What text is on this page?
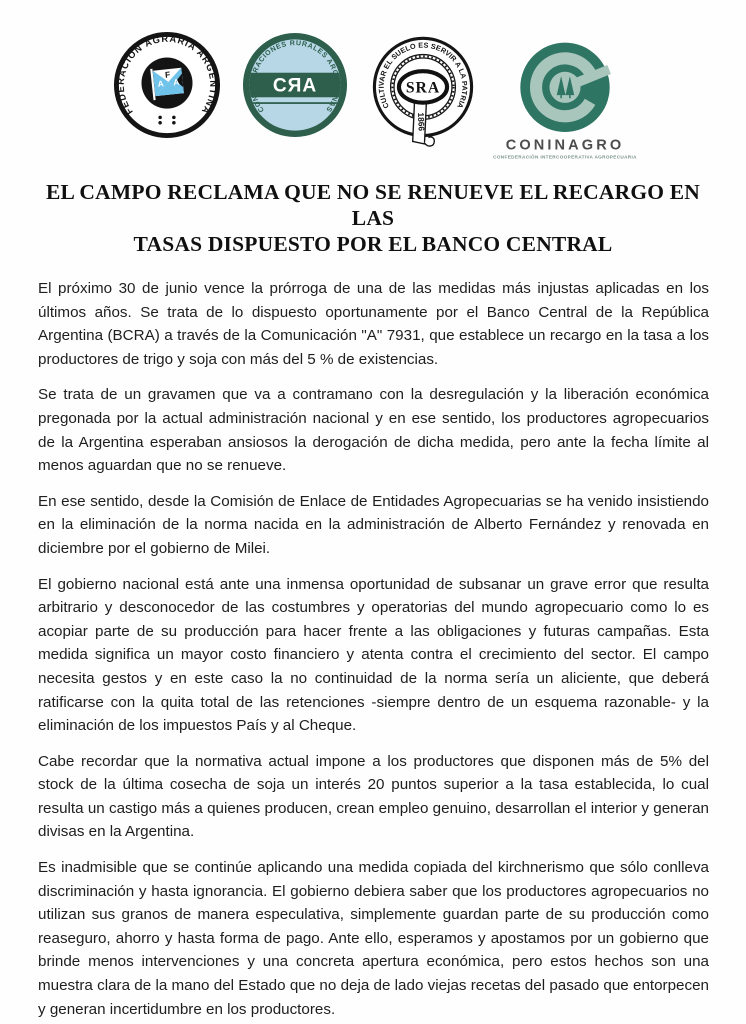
FEDERACION AGRARIA ARGENTINA
F
A A
CONFEDERACIONES RURALES ARGENTINAS
CЯA
CULTIVAR EL SUELO ES SERVIR A LA PATRIA
1866
SRA
CONINAGRO
CONFEDERACIÓN INTERCOOPERATIVA AGROPECUARIA
EL CAMPO RECLAMA QUE NO SE RENUEVE EL RECARGO EN LAS
TASAS DISPUESTO POR EL BANCO CENTRAL

El próximo 30 de junio vence la prórroga de una de las medidas más injustas aplicadas en los últimos años. Se trata de lo dispuesto oportunamente por el Banco Central de la República Argentina (BCRA) a través de la Comunicación "A" 7931, que establece un recargo en la tasa a los productores de trigo y soja con más del 5 % de existencias.

Se trata de un gravamen que va a contramano con la desregulación y la liberación económica pregonada por la actual administración nacional y en ese sentido, los productores agropecuarios de la Argentina esperaban ansiosos la derogación de dicha medida, pero ante la fecha límite al menos aguardan que no se renueve.

En ese sentido, desde la Comisión de Enlace de Entidades Agropecuarias se ha venido insistiendo en la eliminación de la norma nacida en la administración de Alberto Fernández y renovada en diciembre por el gobierno de Milei.

El gobierno nacional está ante una inmensa oportunidad de subsanar un grave error que resulta arbitrario y desconocedor de las costumbres y operatorias del mundo agropecuario como lo es acopiar parte de su producción para hacer frente a las obligaciones y futuras campañas. Esta medida significa un mayor costo financiero y atenta contra el crecimiento del sector. El campo necesita gestos y en este caso la no continuidad de la norma sería un aliciente, que deberá ratificarse con la quita total de las retenciones -siempre dentro de un esquema razonable- y la eliminación de los impuestos País y al Cheque.

Cabe recordar que la normativa actual impone a los productores que disponen más de 5% del stock de la última cosecha de soja un interés 20 puntos superior a la tasa establecida, lo cual resulta un castigo más a quienes producen, crean empleo genuino, desarrollan el interior y generan divisas en la Argentina.

Es inadmisible que se continúe aplicando una medida copiada del kirchnerismo que sólo conlleva discriminación y hasta ignorancia. El gobierno debiera saber que los productores agropecuarios no utilizan sus granos de manera especulativa, simplemente guardan parte de su producción como reaseguro, ahorro y hasta forma de pago. Ante ello, esperamos y apostamos por un gobierno que brinde menos intervenciones y una concreta apertura económica, pero estos hechos son una muestra clara de la mano del Estado que no deja de lado viejas recetas del pasado que entorpecen y generan incertidumbre en los productores.
